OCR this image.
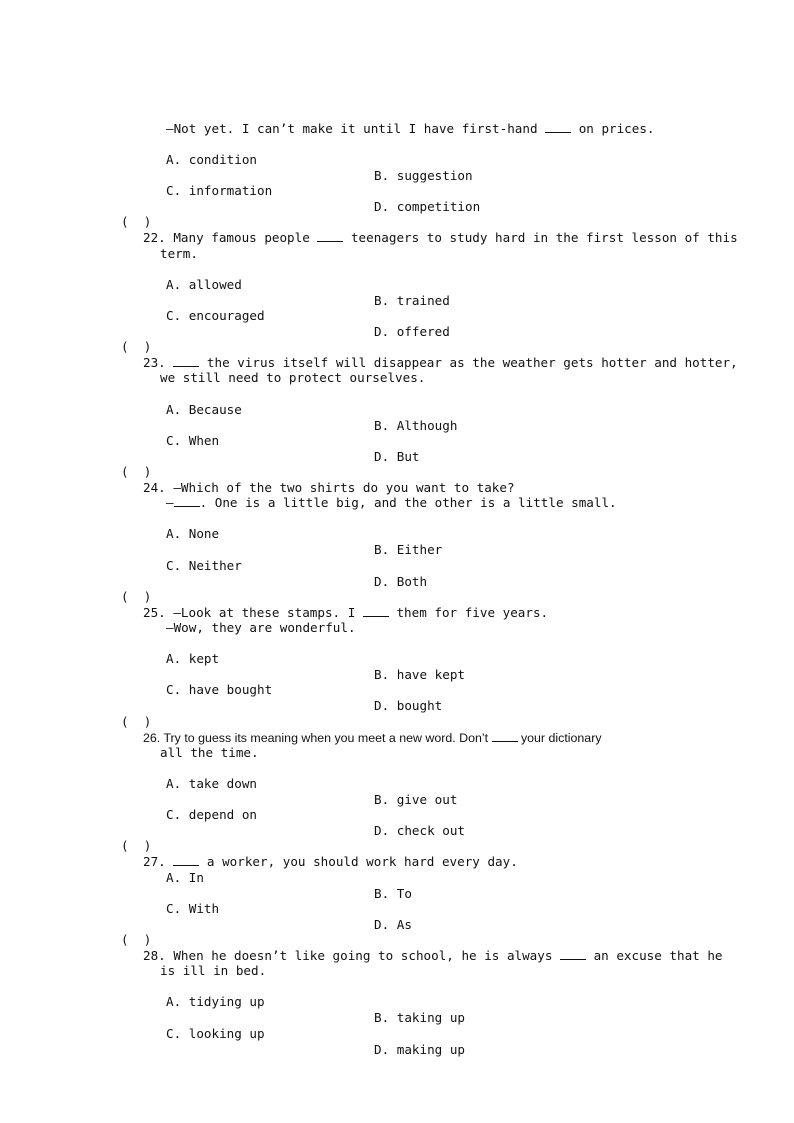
—Not yet. I can’t make it until I have first-hand  on prices.

A. condition

B. suggestion

C. information

D. competition

(  )

22. Many famous people  teenagers to study hard in the first lesson of this

term.

A. allowed

B. trained

C. encouraged

D. offered

(  )

23.  the virus itself will disappear as the weather gets hotter and hotter,

we still need to protect ourselves.

A. Because

B. Although

C. When

D. But

(  )

24. —Which of the two shirts do you want to take?

— . One is a little big, and the other is a little small.

A. None

B. Either

C. Neither

D. Both

(  )

25. —Look at these stamps. I  them for five years.

—Wow, they are wonderful.

A. kept

B. have kept

C. have bought

D. bought

(  )

26. Try to guess its meaning when you meet a new word. Don’t  your dictionary

all the time.

A. take down

B. give out

C. depend on

D. check out

(  )

27.  a worker, you should work hard every day.

A. In

B. To

C. With

D. As

(  )

28. When he doesn’t like going to school, he is always  an excuse that he

is ill in bed.

A. tidying up

B. taking up

C. looking up

D. making up
